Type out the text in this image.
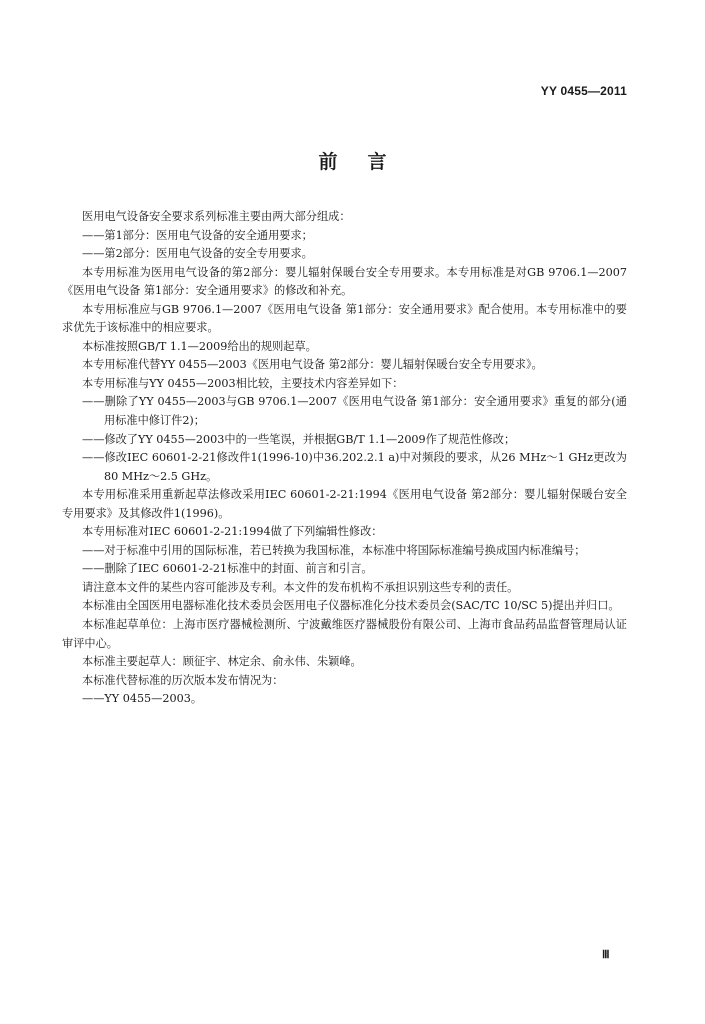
YY 0455—2011
前言

医用电气设备安全要求系列标准主要由两大部分组成：

——第1部分：医用电气设备的安全通用要求；

——第2部分：医用电气设备的安全专用要求。

本专用标准为医用电气设备的第2部分：婴儿辐射保暖台安全专用要求。本专用标准是对GB 9706.1—2007《医用电气设备 第1部分：安全通用要求》的修改和补充。

本专用标准应与GB 9706.1—2007《医用电气设备 第1部分：安全通用要求》配合使用。本专用标准中的要求优先于该标准中的相应要求。

本标准按照GB/T 1.1—2009给出的规则起草。

本专用标准代替YY 0455—2003《医用电气设备 第2部分：婴儿辐射保暖台安全专用要求》。

本专用标准与YY 0455—2003相比较，主要技术内容差异如下：

——删除了YY 0455—2003与GB 9706.1—2007《医用电气设备 第1部分：安全通用要求》重复的部分(通用标准中修订件2)；

——修改了YY 0455—2003中的一些笔误，并根据GB/T 1.1—2009作了规范性修改；

——修改IEC 60601-2-21修改件1(1996-10)中36.202.2.1 a)中对频段的要求，从26 MHz～1 GHz更改为80 MHz～2.5 GHz。

本专用标准采用重新起草法修改采用IEC 60601-2-21:1994《医用电气设备 第2部分：婴儿辐射保暖台安全专用要求》及其修改件1(1996)。

本专用标准对IEC 60601-2-21:1994做了下列编辑性修改：

——对于标准中引用的国际标准，若已转换为我国标准，本标准中将国际标准编号换成国内标准编号；

——删除了IEC 60601-2-21标准中的封面、前言和引言。

请注意本文件的某些内容可能涉及专利。本文件的发布机构不承担识别这些专利的责任。

本标准由全国医用电器标准化技术委员会医用电子仪器标准化分技术委员会(SAC/TC 10/SC 5)提出并归口。

本标准起草单位：上海市医疗器械检测所、宁波戴维医疗器械股份有限公司、上海市食品药品监督管理局认证审评中心。

本标准主要起草人：顾征宇、林定余、俞永伟、朱颖峰。

本标准代替标准的历次版本发布情况为：

——YY 0455—2003。

Ⅲ
